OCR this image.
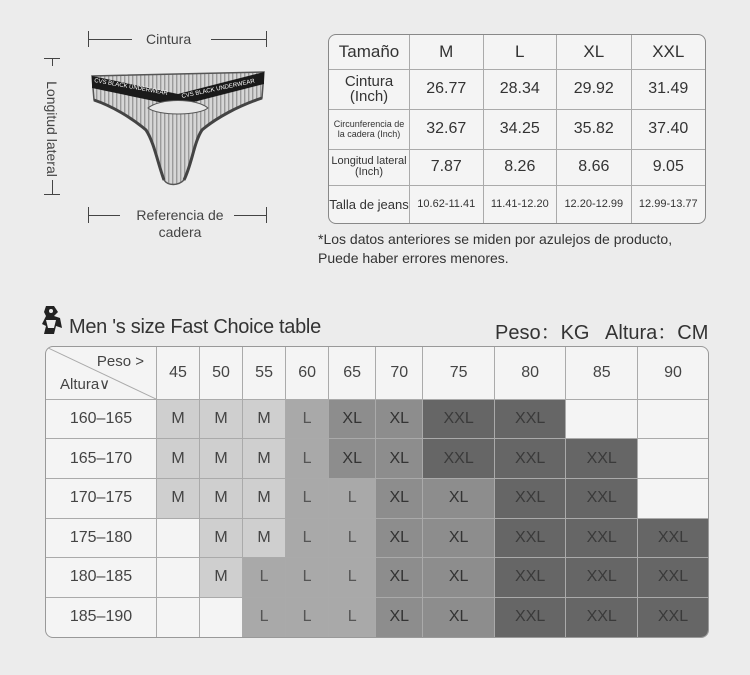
Cintura
Longitud lateral	CVS BLACK UNDERWEAR CVS BLACK UNDERWEAR
Referencia de
cadera
Tamaño	M	L	XL	XXL
Cintura (Inch)	26.77	28.34	29.92	31.49
Circunferencia de la cadera (Inch)	32.67	34.25	35.82	37.40
Longitud lateral (Inch)	7.87	8.26	8.66	9.05
Talla de jeans	10.62-11.41	11.41-12.20	12.20-12.99	12.99-13.77
*Los datos anteriores se miden por azulejos de producto,
Puede haber errores menores.
Men 's size Fast Choice table	Peso：KG   Altura：CM
Peso >
Altura∨	45	50	55	60	65	70	75	80	85	90
160–165	M	M	M	L	XL	XL	XXL	XXL		
165–170	M	M	M	L	XL	XL	XXL	XXL	XXL	
170–175	M	M	M	L	L	XL	XL	XXL	XXL	
175–180		M	M	L	L	XL	XL	XXL	XXL	XXL
180–185		M	L	L	L	XL	XL	XXL	XXL	XXL
185–190			L	L	L	XL	XL	XXL	XXL	XXL
